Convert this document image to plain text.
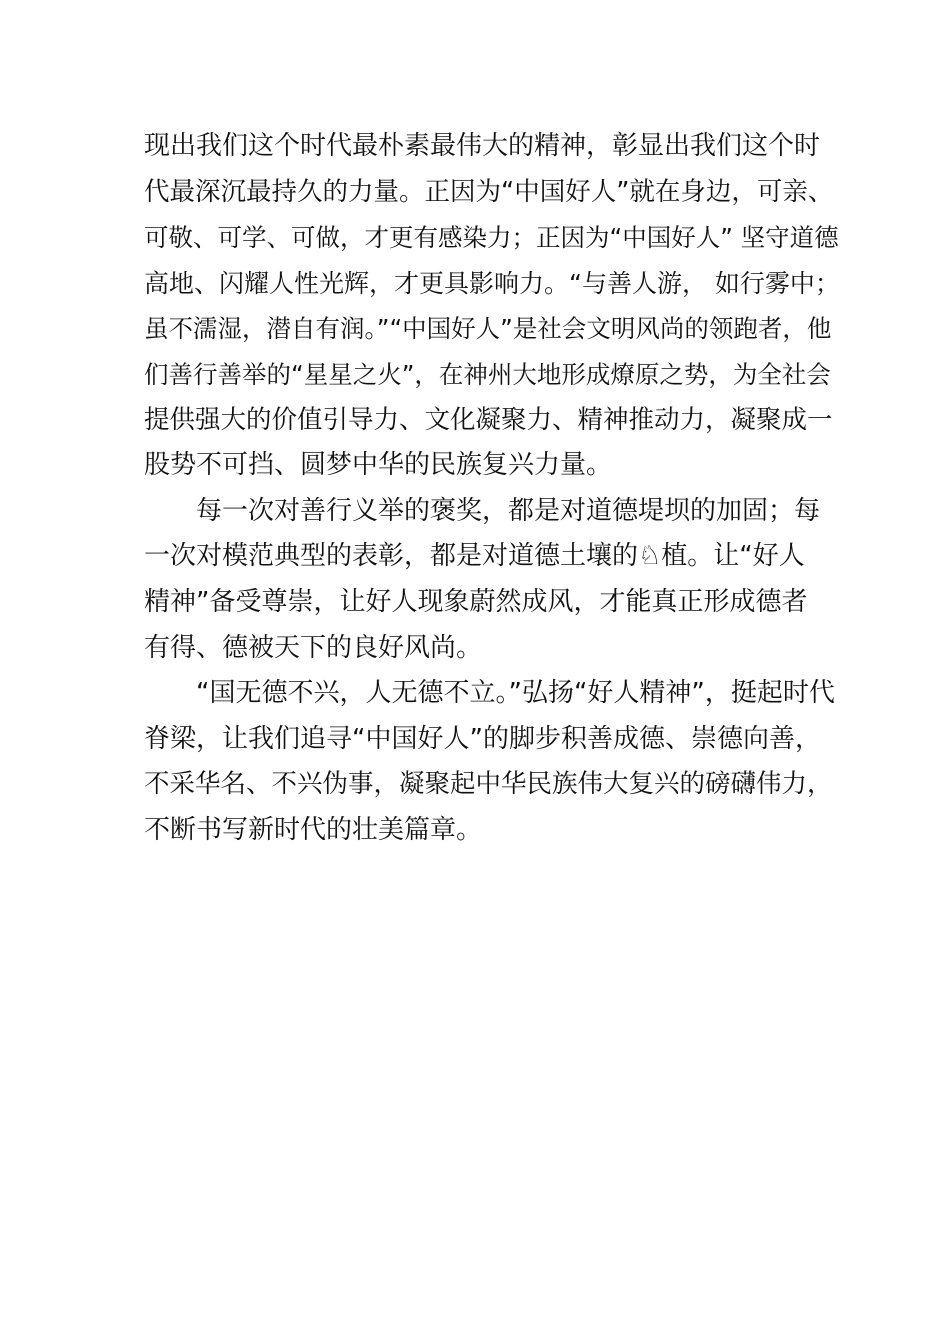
现出我们这个时代最朴素最伟大的精神，彰显出我们这个时
代最深沉最持久的力量。正因为“中国好人”就在身边，可亲、
可敬、可学、可做，才更有感染力；正因为“中国好人” 坚守道德
高地、闪耀人性光辉，才更具影响力。“与善人游， 如行雾中；
虽不濡湿，潜自有润。”“中国好人”是社会文明风尚的领跑者，他
们善行善举的“星星之火”，在神州大地形成燎原之势，为全社会
提供强大的价值引导力、文化凝聚力、精神推动力，凝聚成一
股势不可挡、圆梦中华的民族复兴力量。
　　每一次对善行义举的褒奖，都是对道德堤坝的加固；每
一次对模范典型的表彰，都是对道德土壤的♘植。让“好人
精神”备受尊崇，让好人现象蔚然成风，才能真正形成德者
有得、德被天下的良好风尚。
　　“国无德不兴，人无德不立。”弘扬“好人精神”，挺起时代
脊梁，让我们追寻“中国好人”的脚步积善成德、崇德向善，
不采华名、不兴伪事，凝聚起中华民族伟大复兴的磅礴伟力，
不断书写新时代的壮美篇章。
